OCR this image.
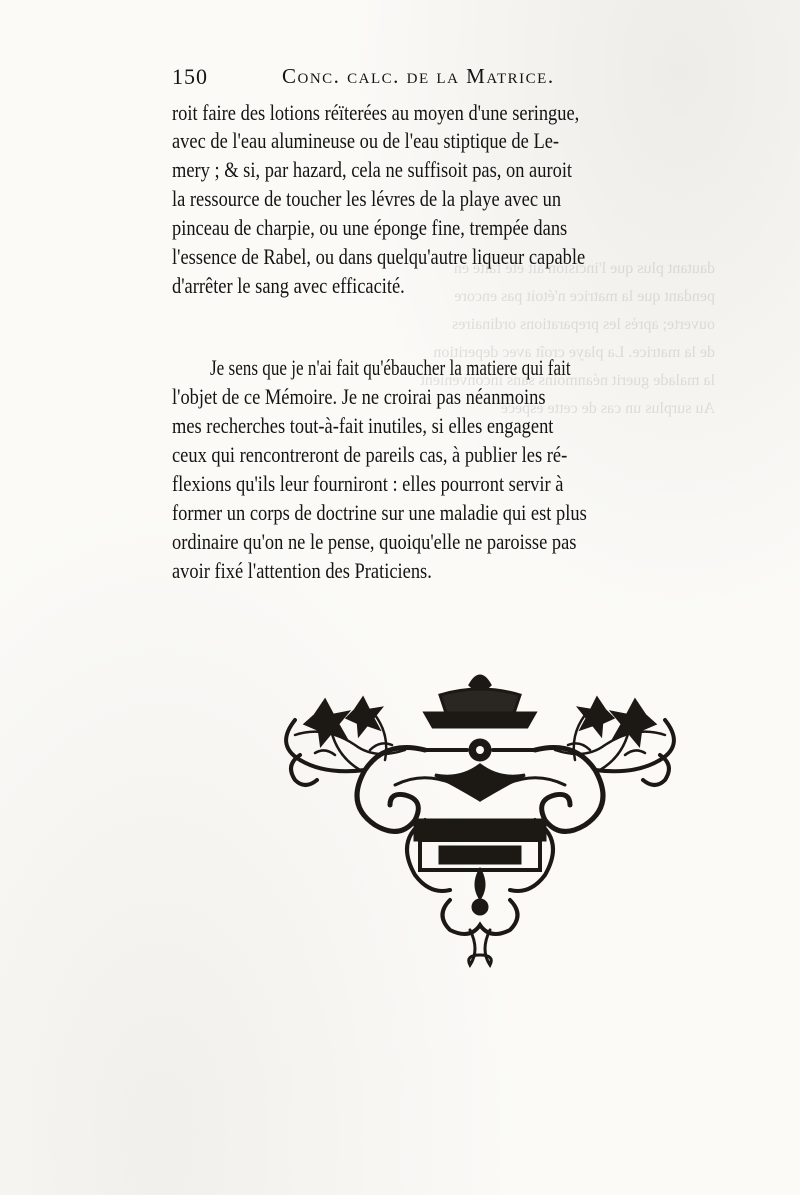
dautant plus que l'incision ait été faite en
pendant que la matrice n'étoit pas encore
ouverte; après les preparations ordinaires
de la matrice. La playe croît avec deperition
la malade guerit néanmoins sans inconvenient
Au surplus un cas de cette espece
150	Conc. calc. de la Matrice.
roit faire des lotions réïterées au moyen d'une seringue,
avec de l'eau alumineuse ou de l'eau stiptique de Le-
mery ; & si, par hazard, cela ne suffisoit pas, on auroit
la ressource de toucher les lévres de la playe avec un
pinceau de charpie, ou une éponge fine, trempée dans
l'essence de Rabel, ou dans quelqu'autre liqueur capable
d'arrêter le sang avec efficacité.
Je sens que je n'ai fait qu'ébaucher la matiere qui fait
l'objet de ce Mémoire. Je ne croirai pas néanmoins
mes recherches tout-à-fait inutiles, si elles engagent
ceux qui rencontreront de pareils cas, à publier les ré-
flexions qu'ils leur fourniront : elles pourront servir à
former un corps de doctrine sur une maladie qui est plus
ordinaire qu'on ne le pense, quoiqu'elle ne paroisse pas
avoir fixé l'attention des Praticiens.
